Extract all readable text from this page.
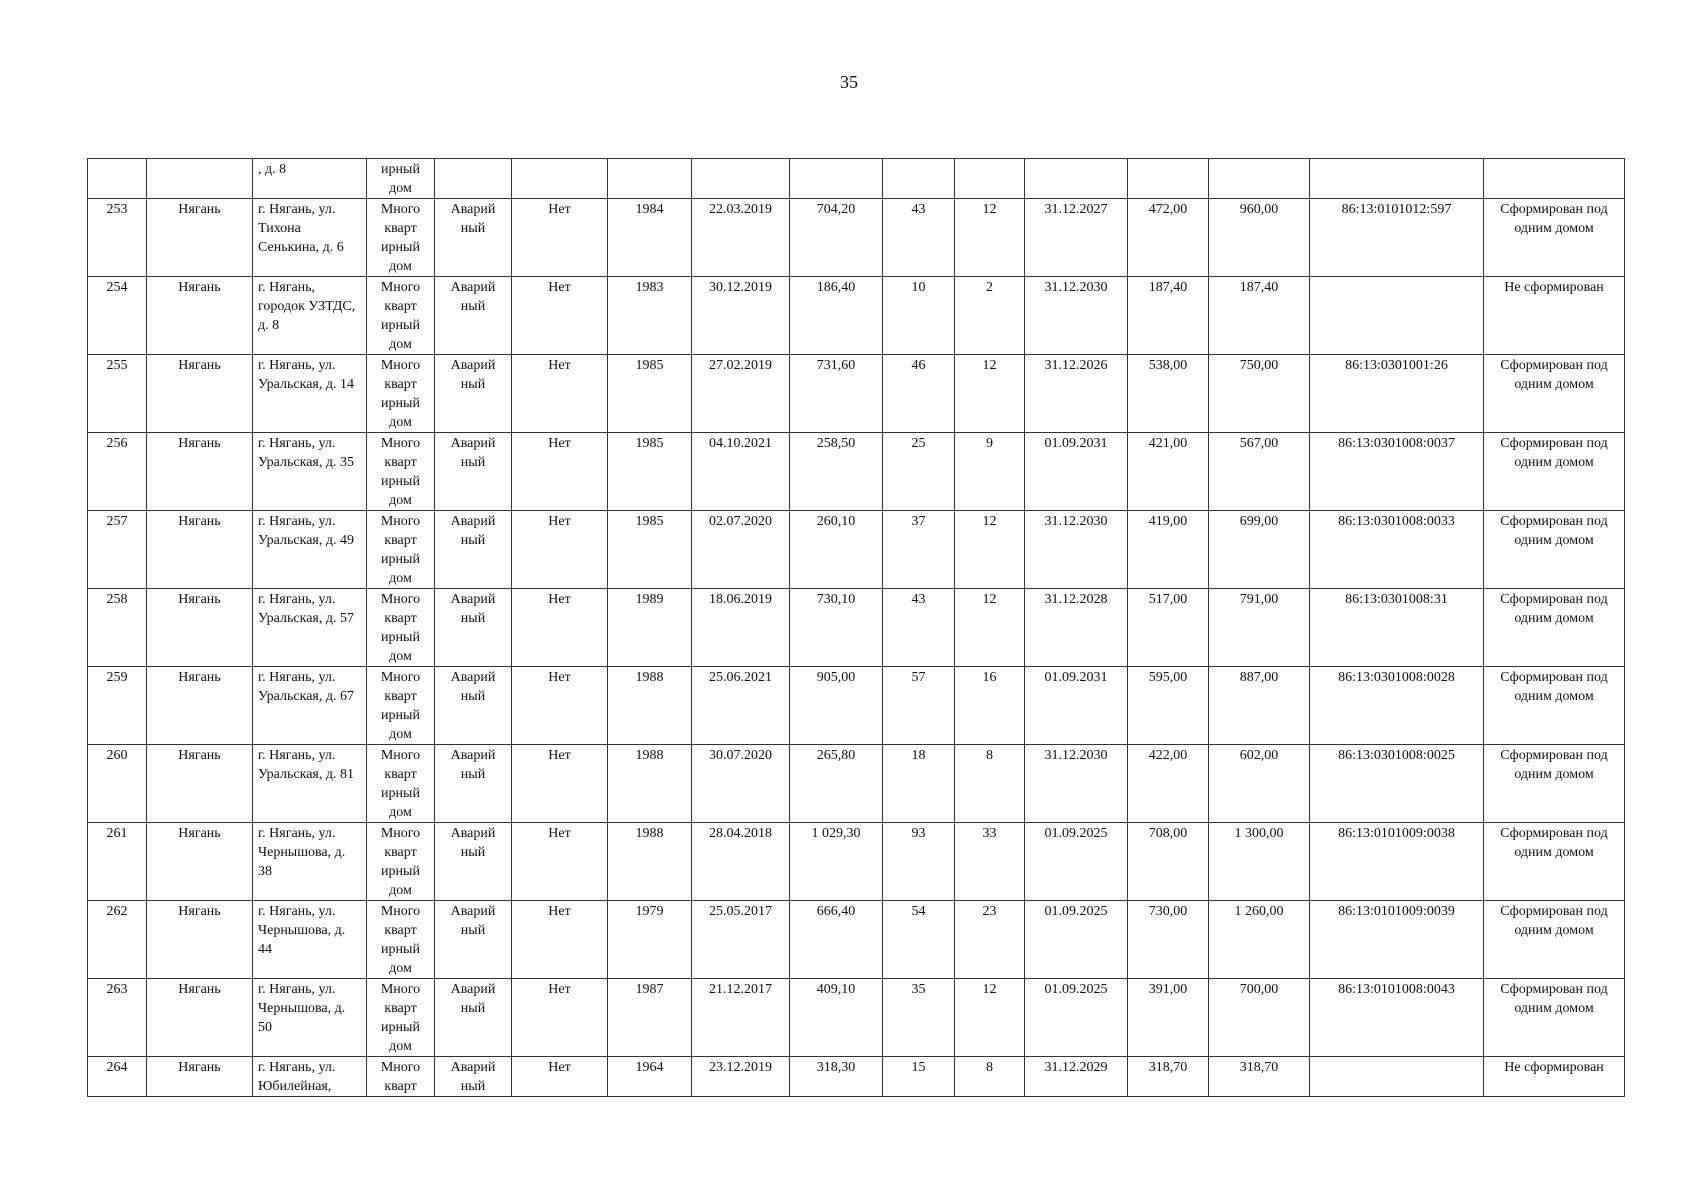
35
		, д. 8	ирный дом												
253	Нягань	г. Нягань, ул. Тихона Сенькина, д. 6	Много кварт ирный дом	Аварий ный	Нет	1984	22.03.2019	704,20	43	12	31.12.2027	472,00	960,00	86:13:0101012:597	Сформирован под одним домом
254	Нягань	г. Нягань, городок УЗТДС, д. 8	Много кварт ирный дом	Аварий ный	Нет	1983	30.12.2019	186,40	10	2	31.12.2030	187,40	187,40		Не сформирован
255	Нягань	г. Нягань, ул. Уральская, д. 14	Много кварт ирный дом	Аварий ный	Нет	1985	27.02.2019	731,60	46	12	31.12.2026	538,00	750,00	86:13:0301001:26	Сформирован под одним домом
256	Нягань	г. Нягань, ул. Уральская, д. 35	Много кварт ирный дом	Аварий ный	Нет	1985	04.10.2021	258,50	25	9	01.09.2031	421,00	567,00	86:13:0301008:0037	Сформирован под одним домом
257	Нягань	г. Нягань, ул. Уральская, д. 49	Много кварт ирный дом	Аварий ный	Нет	1985	02.07.2020	260,10	37	12	31.12.2030	419,00	699,00	86:13:0301008:0033	Сформирован под одним домом
258	Нягань	г. Нягань, ул. Уральская, д. 57	Много кварт ирный дом	Аварий ный	Нет	1989	18.06.2019	730,10	43	12	31.12.2028	517,00	791,00	86:13:0301008:31	Сформирован под одним домом
259	Нягань	г. Нягань, ул. Уральская, д. 67	Много кварт ирный дом	Аварий ный	Нет	1988	25.06.2021	905,00	57	16	01.09.2031	595,00	887,00	86:13:0301008:0028	Сформирован под одним домом
260	Нягань	г. Нягань, ул. Уральская, д. 81	Много кварт ирный дом	Аварий ный	Нет	1988	30.07.2020	265,80	18	8	31.12.2030	422,00	602,00	86:13:0301008:0025	Сформирован под одним домом
261	Нягань	г. Нягань, ул. Чернышова, д. 38	Много кварт ирный дом	Аварий ный	Нет	1988	28.04.2018	1 029,30	93	33	01.09.2025	708,00	1 300,00	86:13:0101009:0038	Сформирован под одним домом
262	Нягань	г. Нягань, ул. Чернышова, д. 44	Много кварт ирный дом	Аварий ный	Нет	1979	25.05.2017	666,40	54	23	01.09.2025	730,00	1 260,00	86:13:0101009:0039	Сформирован под одним домом
263	Нягань	г. Нягань, ул. Чернышова, д. 50	Много кварт ирный дом	Аварий ный	Нет	1987	21.12.2017	409,10	35	12	01.09.2025	391,00	700,00	86:13:0101008:0043	Сформирован под одним домом
264	Нягань	г. Нягань, ул. Юбилейная,	Много кварт	Аварий ный	Нет	1964	23.12.2019	318,30	15	8	31.12.2029	318,70	318,70		Не сформирован
